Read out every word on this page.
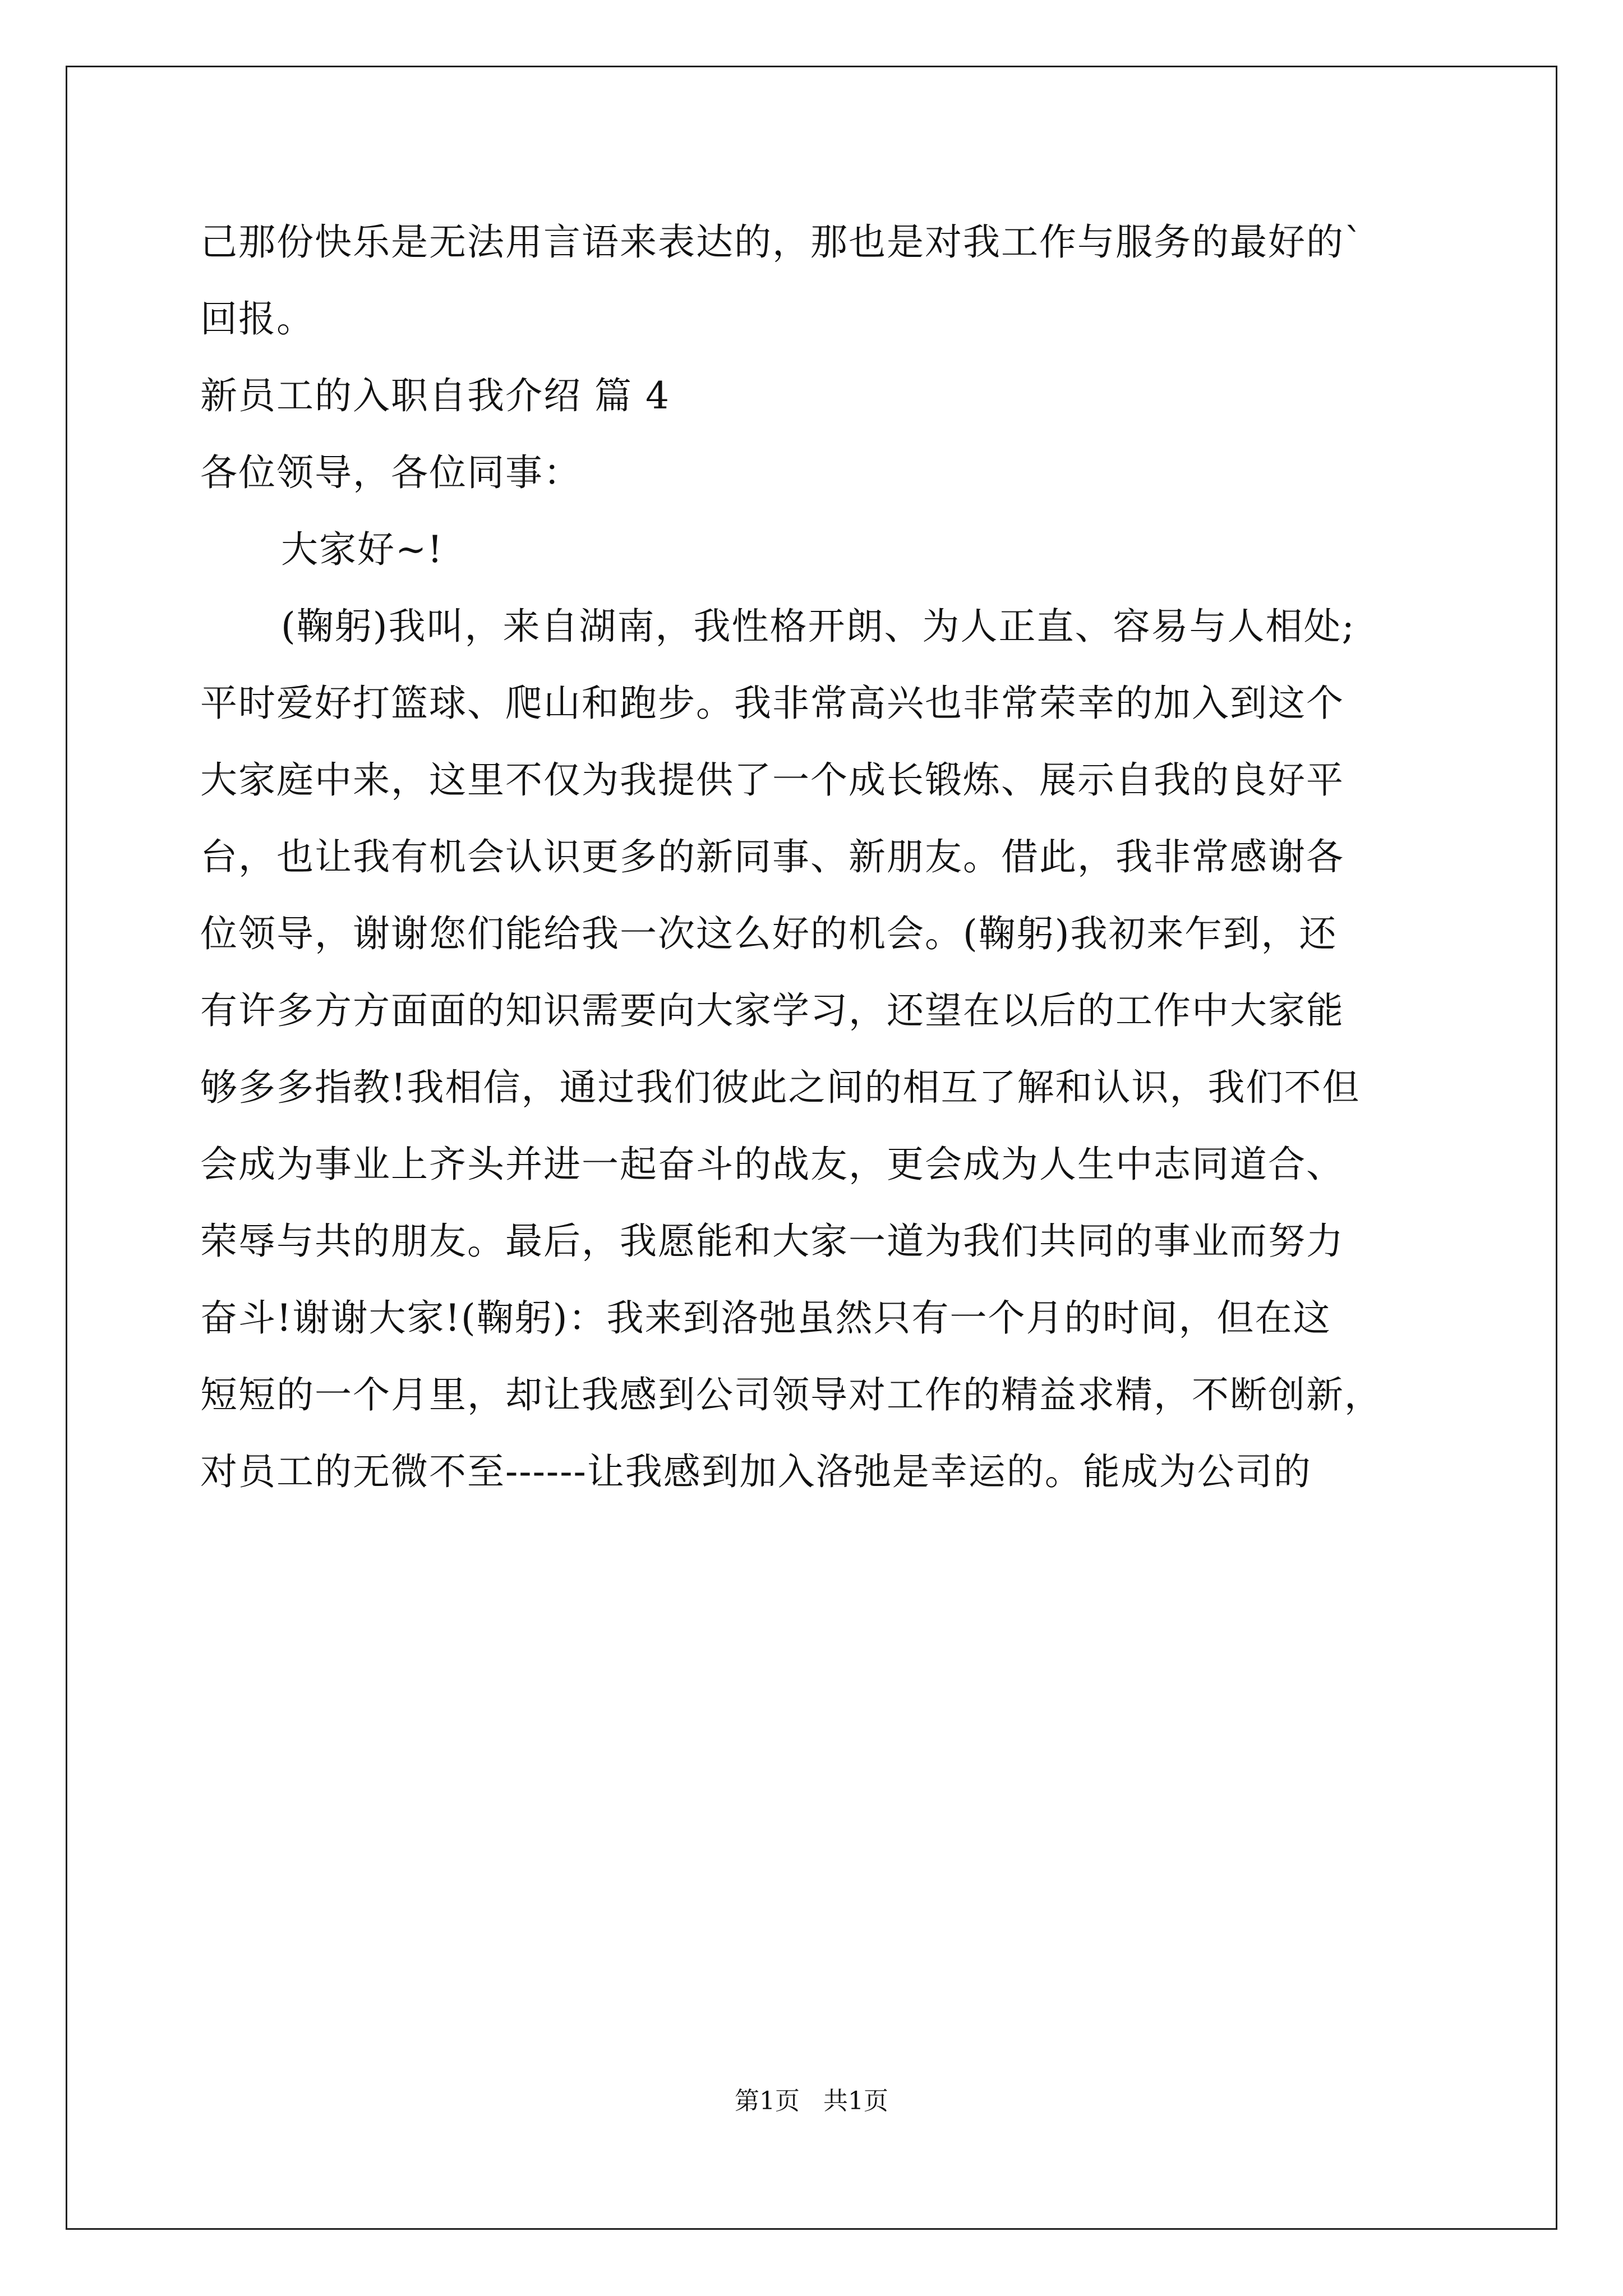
己那份快乐是无法用言语来表达的，那也是对我工作与服务的最好的`
回报。
新员工的入职自我介绍 篇 4
各位领导，各位同事：
大家好~!
(鞠躬)我叫，来自湖南，我性格开朗、为人正直、容易与人相处;
平时爱好打篮球、爬山和跑步。我非常高兴也非常荣幸的加入到这个
大家庭中来，这里不仅为我提供了一个成长锻炼、展示自我的良好平
台，也让我有机会认识更多的新同事、新朋友。借此，我非常感谢各
位领导，谢谢您们能给我一次这么好的机会。(鞠躬)我初来乍到，还
有许多方方面面的知识需要向大家学习，还望在以后的工作中大家能
够多多指教!我相信，通过我们彼此之间的相互了解和认识，我们不但
会成为事业上齐头并进一起奋斗的战友，更会成为人生中志同道合、
荣辱与共的朋友。最后，我愿能和大家一道为我们共同的事业而努力
奋斗!谢谢大家!(鞠躬)：我来到洛弛虽然只有一个月的时间，但在这
短短的一个月里，却让我感到公司领导对工作的精益求精，不断创新，
对员工的无微不至------让我感到加入洛弛是幸运的。能成为公司的
第1页   共1页
